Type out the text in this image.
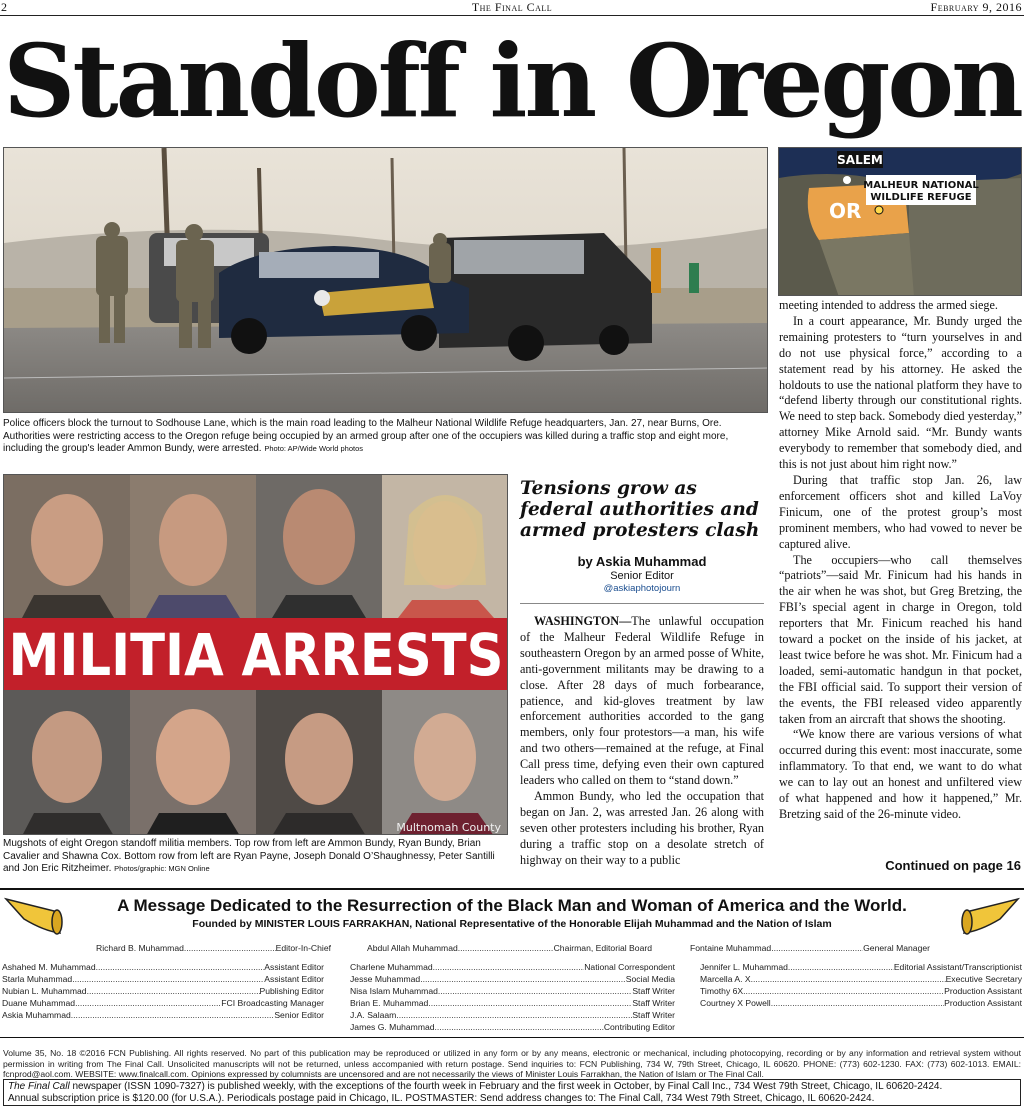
2	The Final Call	February 9, 2016
Standoff in Oregon
SALEM
MALHEUR NATIONAL
WILDLIFE REFUGE
OR
Police officers block the turnout to Sodhouse Lane, which is the main road leading to the Malheur National Wildlife Refuge headquarters, Jan. 27, near Burns, Ore. Authorities were restricting access to the Oregon refuge being occupied by an armed group after one of the occupiers was killed during a traffic stop and eight more, including the group's leader Ammon Bundy, were arrested. Photo: AP/Wide World photos
MILITIA ARRESTS
Multnomah County
Mugshots of eight Oregon standoff militia members. Top row from left are Ammon Bundy, Ryan Bundy, Brian Cavalier and Shawna Cox. Bottom row from left are Ryan Payne, Joseph Donald O’Shaughnessy, Peter Santilli and Jon Eric Ritzheimer. Photos/graphic: MGN Online
Tensions grow as federal authorities and armed protesters clash
by Askia Muhammad
Senior Editor
@askiaphotojourn

WASHINGTON—The unlawful occupation of the Malheur Federal Wildlife Refuge in southeastern Oregon by an armed posse of White, anti-government militants may be drawing to a close. After 28 days of much forbearance, patience, and kid-gloves treatment by law enforcement authorities accorded to the gang members, only four protestors—a man, his wife and two others—remained at the refuge, at Final Call press time, defying even their own captured leaders who called on them to “stand down.”

Ammon Bundy, who led the occupation that began on Jan. 2, was arrested Jan. 26 along with seven other protesters including his brother, Ryan during a traffic stop on a desolate stretch of highway on their way to a public

meeting intended to address the armed siege.

In a court appearance, Mr. Bundy urged the remaining protesters to “turn yourselves in and do not use physical force,” according to a statement read by his attorney. He asked the holdouts to use the national platform they have to “defend liberty through our constitutional rights. We need to step back. Somebody died yesterday,” attorney Mike Arnold said. “Mr. Bundy wants everybody to remember that somebody died, and this is not just about him right now.”

During that traffic stop Jan. 26, law enforcement officers shot and killed LaVoy Finicum, one of the protest group’s most prominent members, who had vowed to never be captured alive.

The occupiers—who call themselves “patriots”—said Mr. Finicum had his hands in the air when he was shot, but Greg Bretzing, the FBI’s special agent in charge in Oregon, told reporters that Mr. Finicum reached his hand toward a pocket on the inside of his jacket, at least twice before he was shot. Mr. Finicum had a loaded, semi-automatic handgun in that pocket, the FBI official said. To support their version of the events, the FBI released video apparently taken from an aircraft that shows the shooting.

“We know there are various versions of what occurred during this event: most inaccurate, some inflammatory. To that end, we want to do what we can to lay out an honest and unfiltered view of what happened and how it happened,” Mr. Bretzing said of the 26-minute video.

Continued on page 16
A Message Dedicated to the Resurrection of the Black Man and Woman of America and the World.
Founded by MINISTER LOUIS FARRAKHAN, National Representative of the Honorable Elijah Muhammad and the Nation of Islam
Richard B. Muhammad .....	Editor-In-Chief	Abdul Allah Muhammad .....	Chairman, Editorial Board	Fontaine Muhammad .....	General Manager
Ashahed M. Muhammad .....	Assistant Editor
Starla Muhammad .....	Assistant Editor
Nubian L. Muhammad .....	Publishing Editor
Duane Muhammad .....	FCI Broadcasting Manager
Askia Muhammad .....	Senior Editor
Charlene Muhammad .....	National Correspondent
Jesse Muhammad .....	Social Media
Nisa Islam Muhammad .....	Staff Writer
Brian E. Muhammad .....	Staff Writer
J.A. Salaam .....	Staff Writer
James G. Muhammad .....	Contributing Editor
Jennifer L. Muhammad .....	Editorial Assistant/Transcriptionist
Marcella A. X .....	Executive Secretary
Timothy 6X .....	Production Assistant
Courtney X Powell .....	Production Assistant
Volume 35, No. 18 ©2016 FCN Publishing. All rights reserved. No part of this publication may be reproduced or utilized in any form or by any means, electronic or mechanical, including photocopying, recording or by any information and retrieval system without permission in writing from The Final Call. Unsolicited manuscripts will not be returned, unless accompanied with return postage. Send inquiries to: FCN Publishing, 734 W, 79th Street, Chicago, IL 60620. PHONE: (773) 602-1230. FAX: (773) 602-1013. EMAIL: fcnprod@aol.com. WEBSITE: www.finalcall.com. Opinions expressed by columnists are uncensored and are not necessarily the views of Minister Louis Farrakhan, the Nation of Islam or The Final Call.
The Final Call newspaper (ISSN 1090-7327) is published weekly, with the exceptions of the fourth week in February and the first week in October, by Final Call Inc., 734 West 79th Street, Chicago, IL 60620-2424.
Annual subscription price is $120.00 (for U.S.A.). Periodicals postage paid in Chicago, IL. POSTMASTER: Send address changes to: The Final Call, 734 West 79th Street, Chicago, IL 60620-2424.
